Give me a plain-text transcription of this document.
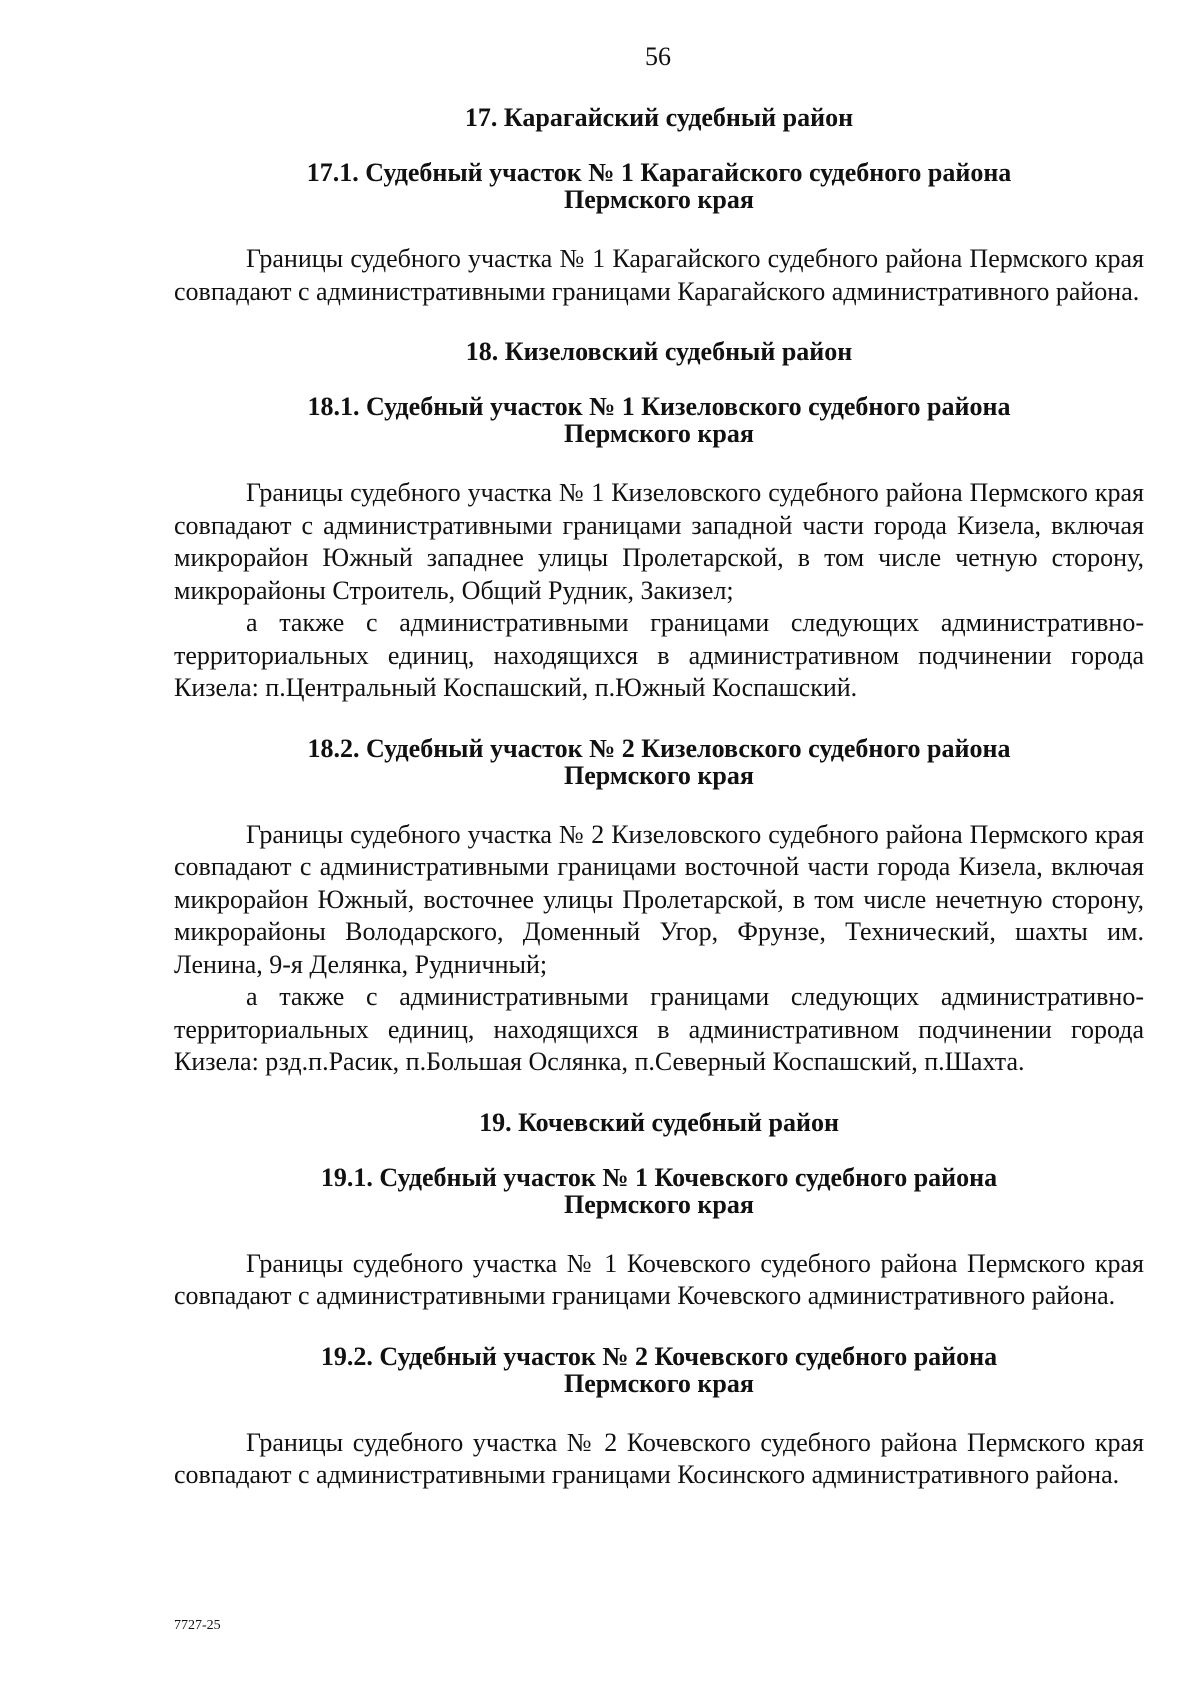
56
17. Карагайский судебный район
17.1. Судебный участок № 1 Карагайского судебного района
Пермского края

Границы судебного участка № 1 Карагайского судебного района Пермского края совпадают с административными границами Карагайского административного района.

18. Кизеловский судебный район
18.1. Судебный участок № 1 Кизеловского судебного района
Пермского края

Границы судебного участка № 1 Кизеловского судебного района Пермского края совпадают с административными границами западной части города Кизела, включая микрорайон Южный западнее улицы Пролетарской, в том числе четную сторону, микрорайоны Строитель, Общий Рудник, Закизел;

а также с административными границами следующих административно-территориальных единиц, находящихся в административном подчинении города Кизела: п.Центральный Коспашский, п.Южный Коспашский.

18.2. Судебный участок № 2 Кизеловского судебного района
Пермского края

Границы судебного участка № 2 Кизеловского судебного района Пермского края совпадают с административными границами восточной части города Кизела, включая микрорайон Южный, восточнее улицы Пролетарской, в том числе нечетную сторону, микрорайоны Володарского, Доменный Угор, Фрунзе, Технический, шахты им. Ленина, 9-я Делянка, Рудничный;

а также с административными границами следующих административно-территориальных единиц, находящихся в административном подчинении города Кизела: рзд.п.Расик, п.Большая Ослянка, п.Северный Коспашский, п.Шахта.

19. Кочевский судебный район
19.1. Судебный участок № 1 Кочевского судебного района
Пермского края

Границы судебного участка № 1 Кочевского судебного района Пермского края совпадают с административными границами Кочевского административного района.

19.2. Судебный участок № 2 Кочевского судебного района
Пермского края

Границы судебного участка № 2 Кочевского судебного района Пермского края совпадают с административными границами Косинского административного района.

7727-25
